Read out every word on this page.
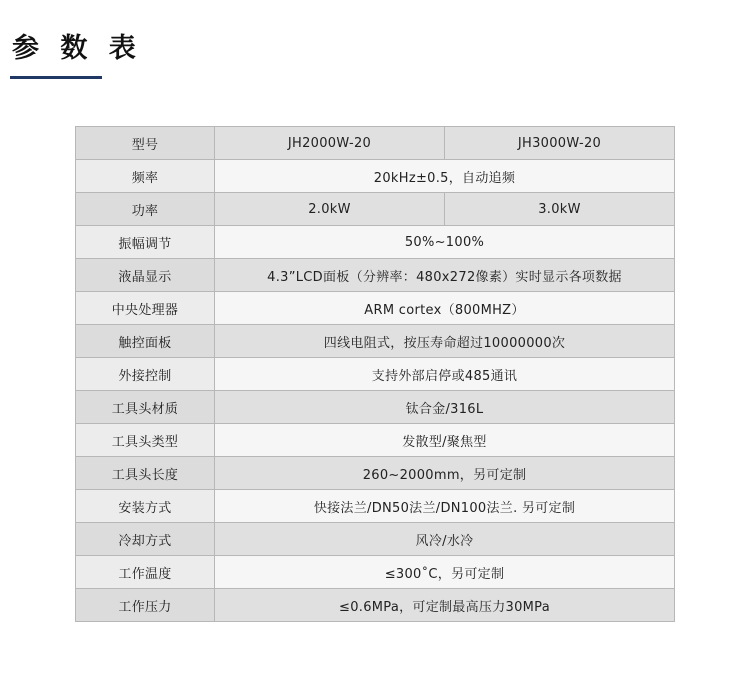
参 数 表
型号	JH2000W-20	JH3000W-20
频率	20kHz±0.5，自动追频	
功率	2.0kW	3.0kW
振幅调节	50%~100%	
液晶显示	4.3”LCD面板（分辨率：480x272像素）实时显示各项数据	
中央处理器	ARM cortex（800MHZ）	
触控面板	四线电阻式，按压寿命超过10000000次	
外接控制	支持外部启停或485通讯	
工具头材质	钛合金/316L	
工具头类型	发散型/聚焦型	
工具头长度	260~2000mm，另可定制	
安装方式	快接法兰/DN50法兰/DN100法兰. 另可定制	
冷却方式	风冷/水冷	
工作温度	≤300˚C，另可定制	
工作压力	≤0.6MPa，可定制最高压力30MPa	
